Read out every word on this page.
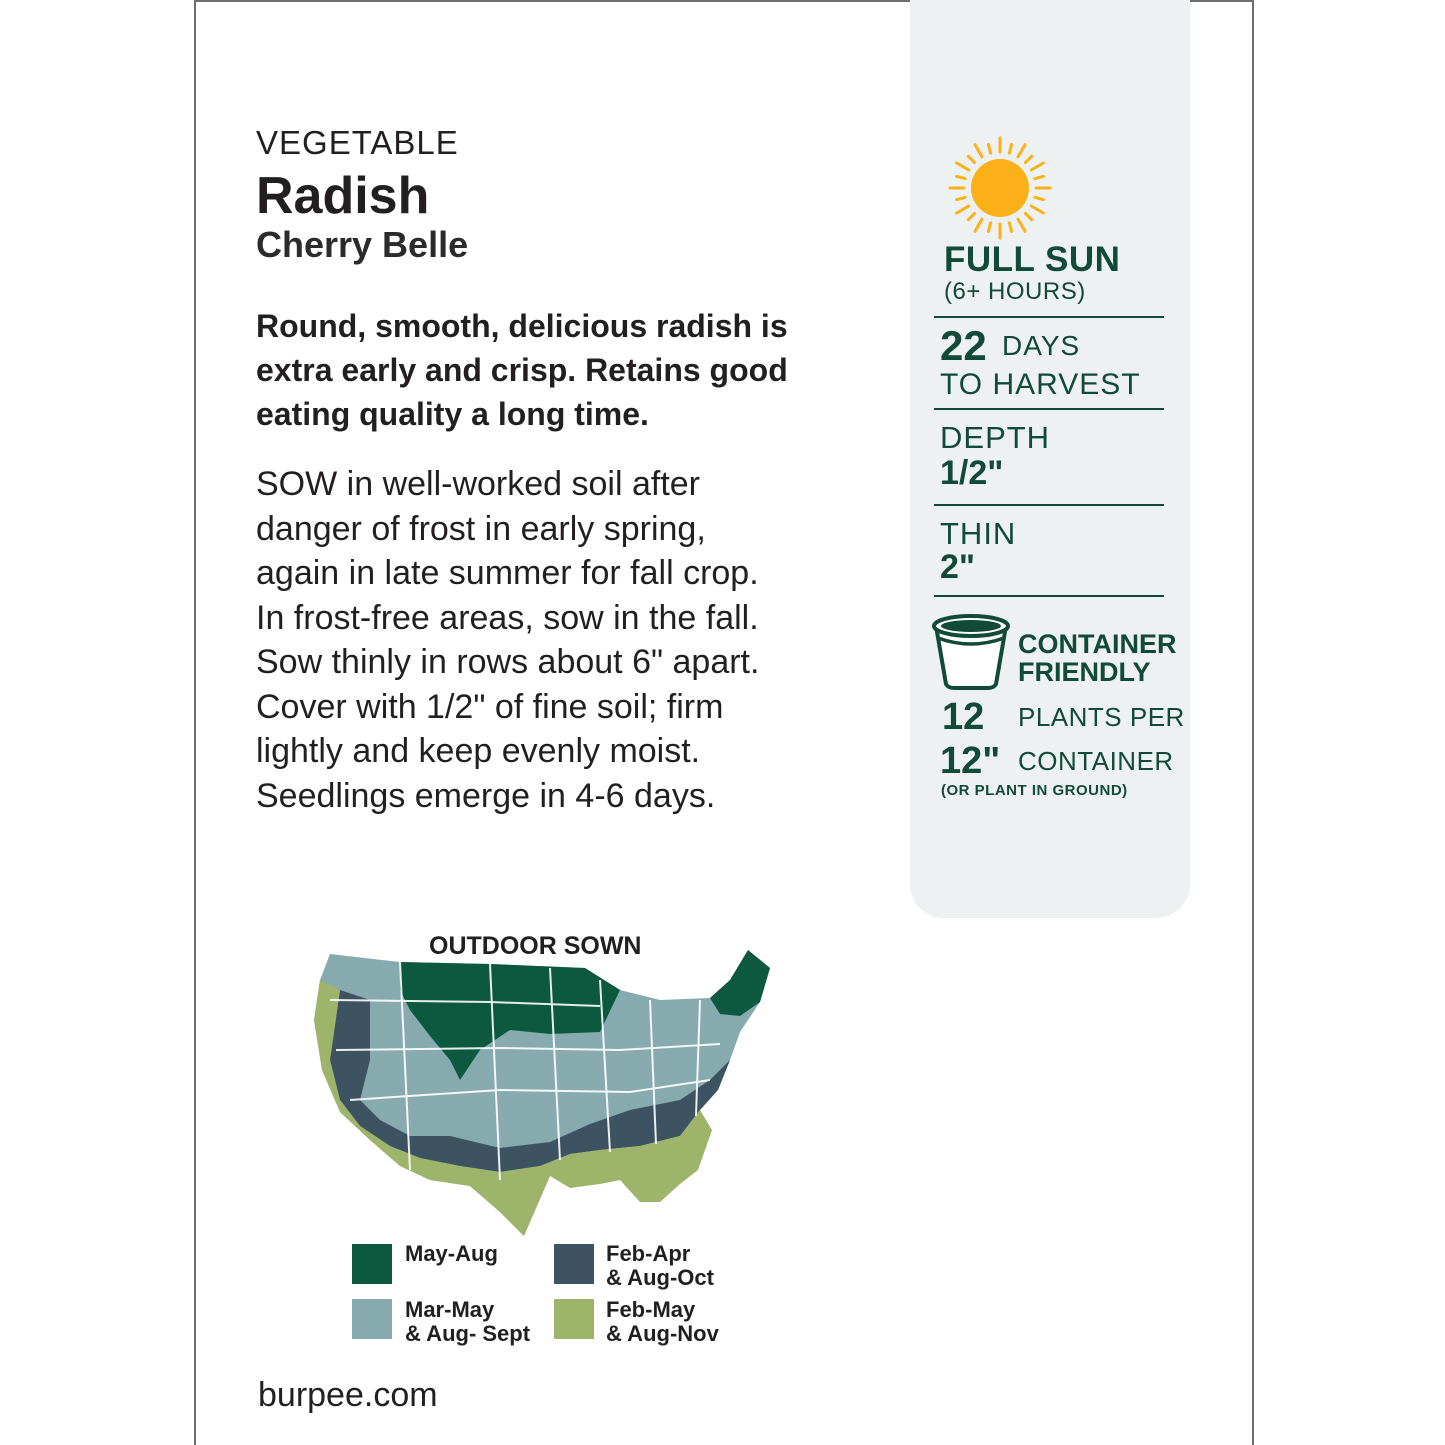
VEGETABLE
Radish
Cherry Belle
Round, smooth, delicious radish is extra early and crisp. Retains good eating quality a long time.
SOW in well-worked soil after
danger of frost in early spring,
again in late summer for fall crop.
In frost-free areas, sow in the fall.
Sow thinly in rows about 6" apart.
Cover with 1/2" of fine soil; firm
lightly and keep evenly moist.
Seedlings emerge in 4-6 days.
FULL SUN
(6+ HOURS)
22 DAYS
TO HARVEST
DEPTH
1/2"
THIN
2"
CONTAINER
FRIENDLY
12 PLANTS PER
12" CONTAINER
(OR PLANT IN GROUND)
OUTDOOR SOWN
May-Aug	Feb-Apr
& Aug-Oct
Mar-May
& Aug- Sept
Feb-May
& Aug-Nov
burpee.com
